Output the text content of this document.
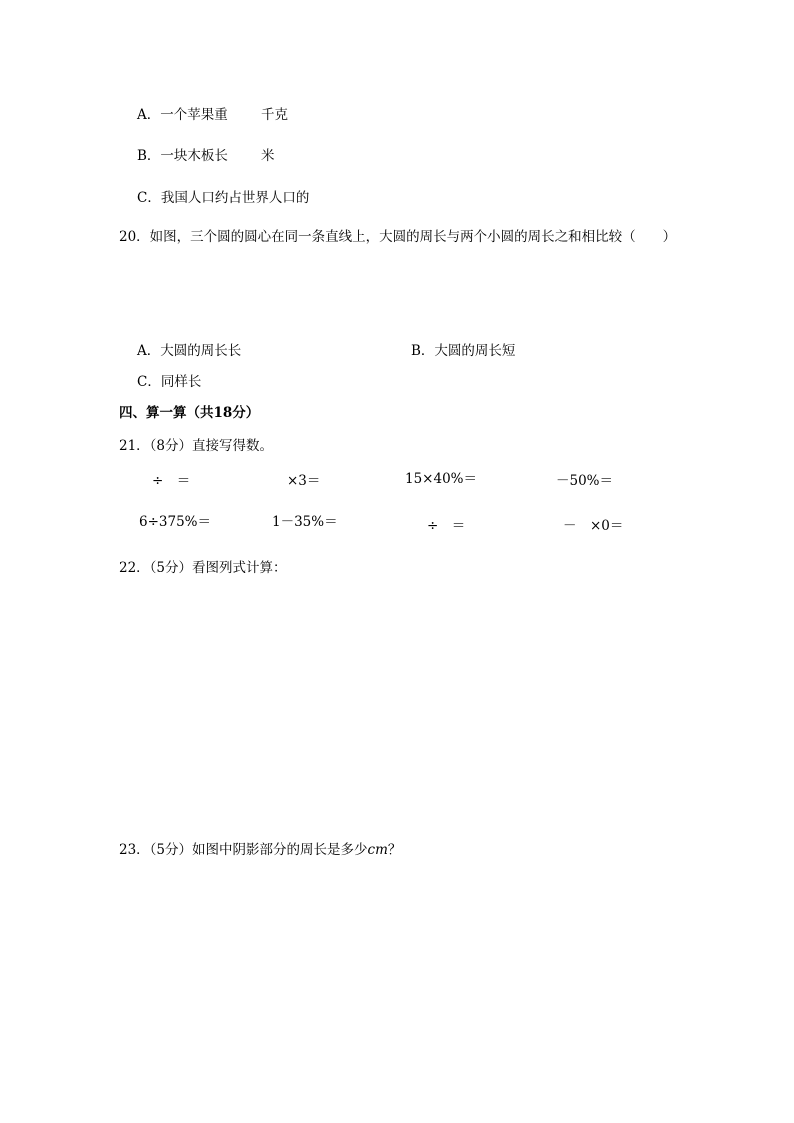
A．一个苹果重 千克
B．一块木板长 米
C．我国人口约占世界人口的
20．如图，三个圆的圆心在同一条直线上，大圆的周长与两个小圆的周长之和相比较（　　）
A．大圆的周长长	B．大圆的周长短
C．同样长
四、算一算（共18分）
21．（8分）直接写得数。
÷　＝	×3＝	15×40%＝	－50%＝
6÷375%＝	1－35%＝	÷　＝	－　×0＝
22．（5分）看图列式计算：
23．（5分）如图中阴影部分的周长是多少cm？
